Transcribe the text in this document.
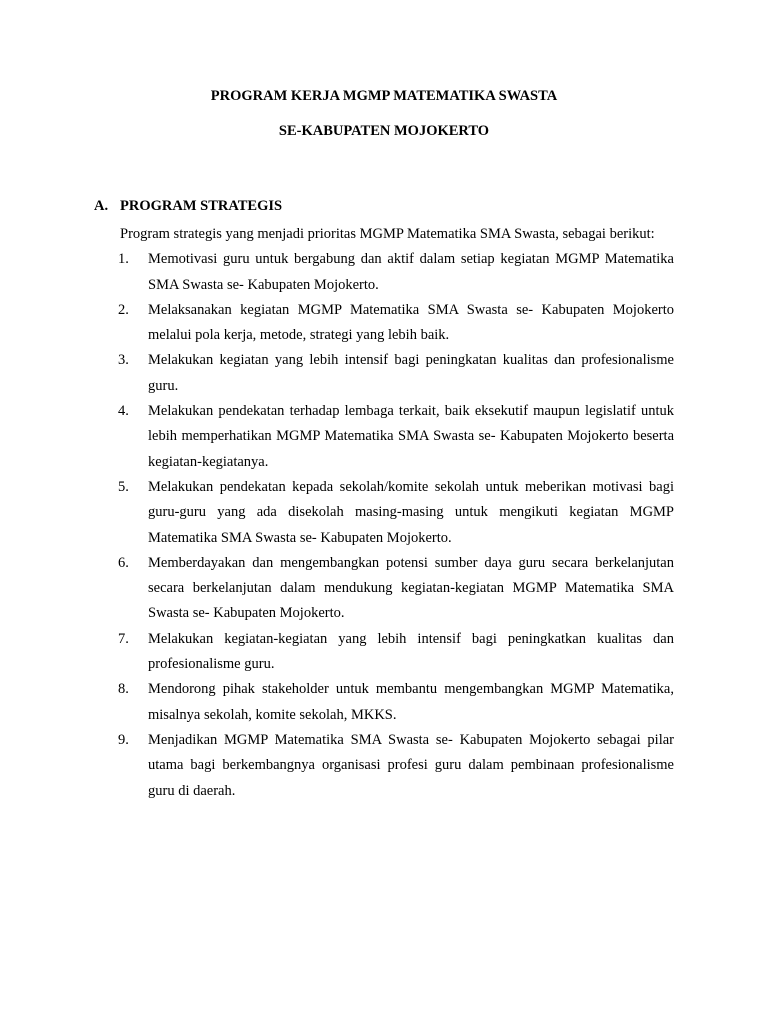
PROGRAM KERJA MGMP MATEMATIKA SWASTA
SE-KABUPATEN MOJOKERTO
A. PROGRAM STRATEGIS

Program strategis yang menjadi prioritas MGMP Matematika SMA Swasta, sebagai berikut:

1. Memotivasi guru untuk bergabung dan aktif dalam setiap kegiatan MGMP Matematika SMA Swasta se- Kabupaten Mojokerto.
2. Melaksanakan kegiatan MGMP Matematika SMA Swasta se- Kabupaten Mojokerto melalui pola kerja, metode, strategi yang lebih baik.
3. Melakukan kegiatan yang lebih intensif bagi peningkatan kualitas dan profesionalisme guru.
4. Melakukan pendekatan terhadap lembaga terkait, baik eksekutif maupun legislatif untuk lebih memperhatikan MGMP Matematika SMA Swasta se- Kabupaten Mojokerto beserta kegiatan-kegiatanya.
5. Melakukan pendekatan kepada sekolah/komite sekolah untuk meberikan motivasi bagi guru-guru yang ada disekolah masing-masing untuk mengikuti kegiatan MGMP Matematika SMA Swasta se- Kabupaten Mojokerto.
6. Memberdayakan dan mengembangkan potensi sumber daya guru secara berkelanjutan secara berkelanjutan dalam mendukung kegiatan-kegiatan MGMP Matematika SMA Swasta se- Kabupaten Mojokerto.
7. Melakukan kegiatan-kegiatan yang lebih intensif bagi peningkatkan kualitas dan profesionalisme guru.
8. Mendorong pihak stakeholder untuk membantu mengembangkan MGMP Matematika, misalnya sekolah, komite sekolah, MKKS.
9. Menjadikan MGMP Matematika SMA Swasta se- Kabupaten Mojokerto sebagai pilar utama bagi berkembangnya organisasi profesi guru dalam pembinaan profesionalisme guru di daerah.
